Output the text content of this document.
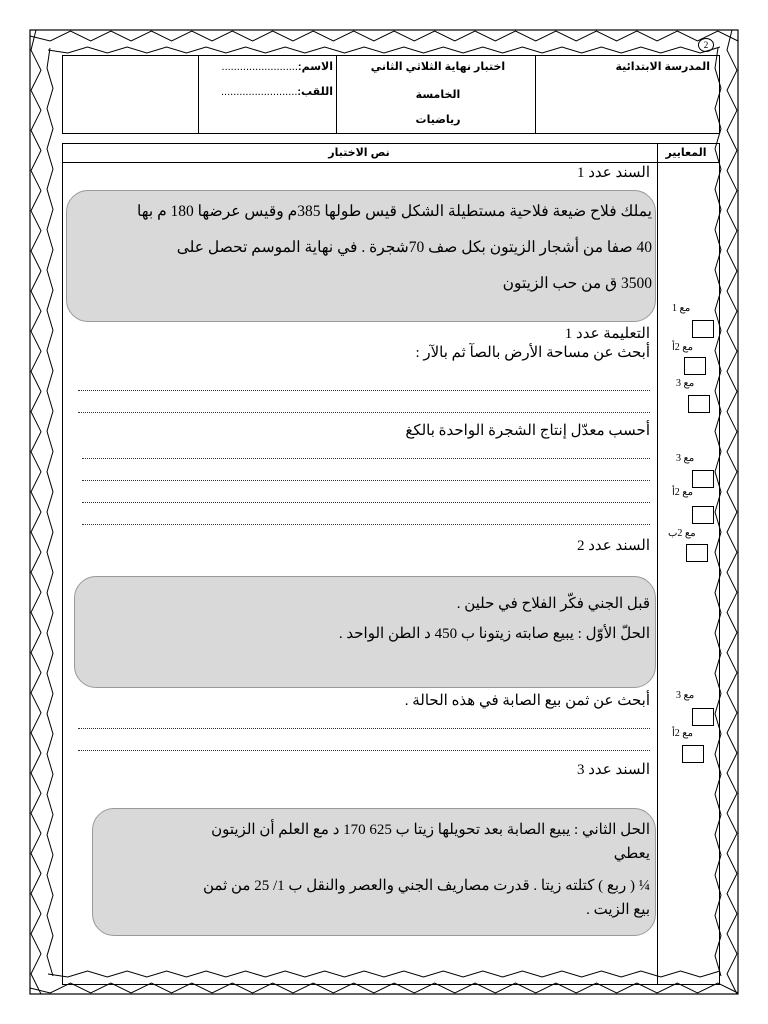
المدرسة الابتدائية
اختبار نهاية الثلاثي الثاني
الخامسة
رياضيات
الاسم:.........................
اللقب:.........................
2
نص الاختبار	المعايير
السند عدد 1
يملك فلاح ضيعة فلاحية مستطيلة الشكل قيس طولها 385م وقيس عرضها 180 م بها
40 صفا من أشجار الزيتون بكل صف 70شجرة . في نهاية الموسم تحصل على
3500 ق من حب الزيتون
التعليمة عدد 1
أبحث عن مساحة الأرض بالصآ ثم بالآر :
أحسب معدّل إنتاج الشجرة الواحدة بالكغ
السند عدد 2
قبل الجني فكّر الفلاح في حلين .
الحلّ الأوّل : يبيع صابته زيتونا ب 450 د الطن الواحد .
أبحث عن ثمن بيع الصابة في هذه الحالة .
السند عدد 3
الحل الثاني : يبيع الصابة بعد تحويلها زيتا ب 625 170 د مع العلم أن الزيتون
يعطي
¼ ( ربع ) كتلته زيتا . قدرت مصاريف الجني والعصر والنقل ب 1/ 25 من ثمن
بيع الزيت .
مع 1
مع 2أ
مع 3
مع 3
مع 2أ
مع 2ب
مع 3
مع 2أ
